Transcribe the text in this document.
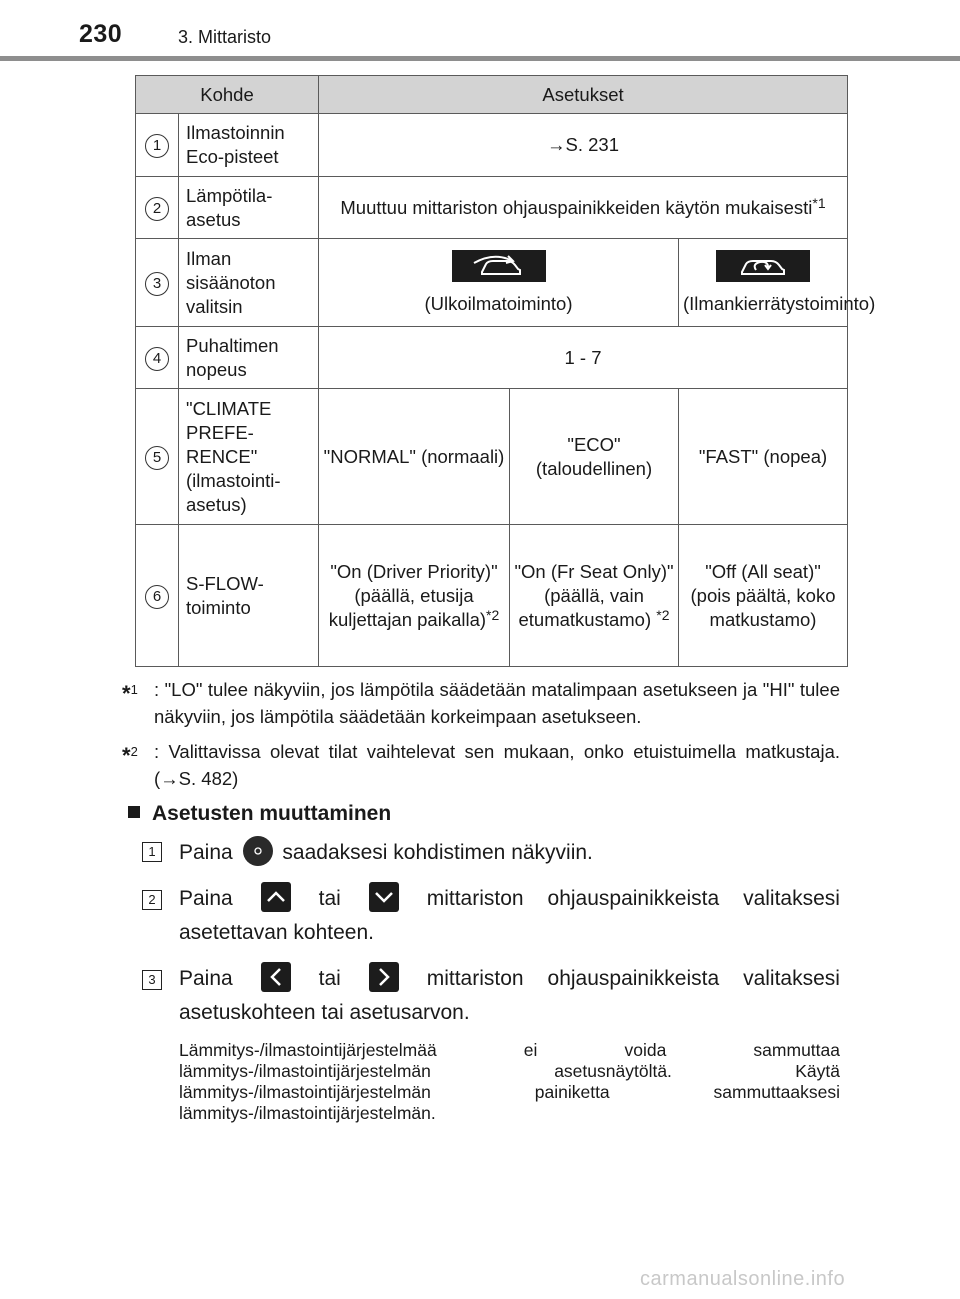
230	3. Mittaristo
Kohde		Asetukset		
1	Ilmastoinnin Eco-pisteet	→S. 231		
2	Lämpötila-asetus	Muuttuu mittariston ohjauspainikkeiden käytön mukaisesti$^{*1}$
3	Ilman sisäänoton valitsin	(Ulkoilmatoiminto)		(Ilmankierrätystoiminto)
4	Puhaltimen nopeus	1 - 7		
5	"CLIMATE PREFE-RENCE" (ilmastointi-asetus)	"NORMAL" (normaali)	"ECO" (taloudellinen)	"FAST" (nopea)
6	S-FLOW-toiminto	"On (Driver Priority)" (päällä, etusija kuljettajan paikalla)$^{*2}$	"On (Fr Seat Only)" (päällä, vain etumatkustamo) $^{*2}$	"Off (All seat)" (pois päältä, koko matkustamo)
*$^1$ : "LO" tulee näkyviin, jos lämpötila säädetään matalimpaan asetukseen ja "HI" tulee näkyviin, jos lämpötila säädetään korkeimpaan asetukseen.
*$^2$ : Valittavissa olevat tilat vaihtelevat sen mukaan, onko etuistuimella matkustaja. (→S. 482)
Asetusten muuttaminen
1	Paina saadaksesi kohdistimen näkyviin.
2	Paina	tai	mittariston ohjauspainikkeista valitaksesi asetettavan kohteen.
3	Paina	tai	mittariston ohjauspainikkeista valitaksesi asetuskohteen tai asetusarvon.
Lämmitys-/ilmastointijärjestelmää ei voida sammuttaa lämmitys-/ilmastointijärjestelmän asetusnäytöltä. Käytä lämmitys-/ilmastointijärjestelmän painiketta sammuttaaksesi lämmitys-/ilmastointijärjestelmän.
carmanualsonline.info
